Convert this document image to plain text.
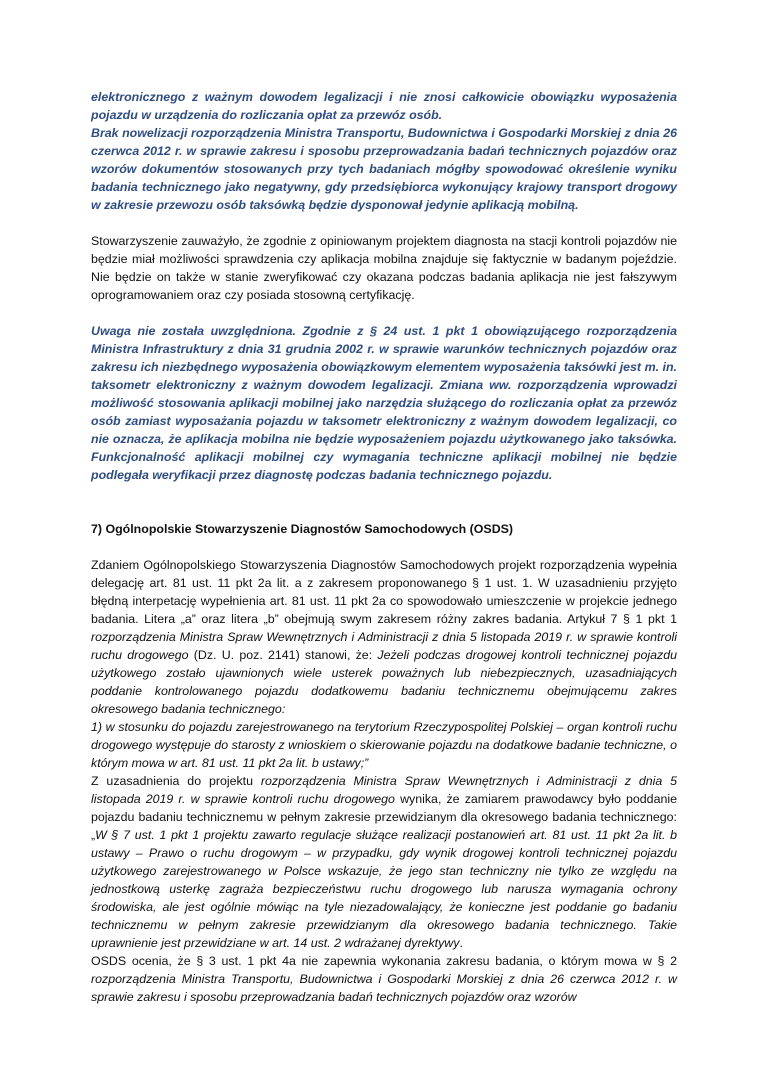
elektronicznego z ważnym dowodem legalizacji i nie znosi całkowicie obowiązku wyposażenia pojazdu w urządzenia do rozliczania opłat za przewóz osób.

Brak nowelizacji rozporządzenia Ministra Transportu, Budownictwa i Gospodarki Morskiej z dnia 26 czerwca 2012 r. w sprawie zakresu i sposobu przeprowadzania badań technicznych pojazdów oraz wzorów dokumentów stosowanych przy tych badaniach mógłby spowodować określenie wyniku badania technicznego jako negatywny, gdy przedsiębiorca wykonujący krajowy transport drogowy w zakresie przewozu osób taksówką będzie dysponował jedynie aplikacją mobilną.

Stowarzyszenie zauważyło, że zgodnie z opiniowanym projektem diagnosta na stacji kontroli pojazdów nie będzie miał możliwości sprawdzenia czy aplikacja mobilna znajduje się faktycznie w badanym pojeździe. Nie będzie on także w stanie zweryfikować czy okazana podczas badania aplikacja nie jest fałszywym oprogramowaniem oraz czy posiada stosowną certyfikację.

Uwaga nie została uwzględniona. Zgodnie z § 24 ust. 1 pkt 1 obowiązującego rozporządzenia Ministra Infrastruktury z dnia 31 grudnia 2002 r. w sprawie warunków technicznych pojazdów oraz zakresu ich niezbędnego wyposażenia obowiązkowym elementem wyposażenia taksówki jest m. in. taksometr elektroniczny z ważnym dowodem legalizacji. Zmiana ww. rozporządzenia wprowadzi możliwość stosowania aplikacji mobilnej jako narzędzia służącego do rozliczania opłat za przewóz osób zamiast wyposażania pojazdu w taksometr elektroniczny z ważnym dowodem legalizacji, co nie oznacza, że aplikacja mobilna nie będzie wyposażeniem pojazdu użytkowanego jako taksówka. Funkcjonalność aplikacji mobilnej czy wymagania techniczne aplikacji mobilnej nie będzie podlegała weryfikacji przez diagnostę podczas badania technicznego pojazdu.

7) Ogólnopolskie Stowarzyszenie Diagnostów Samochodowych (OSDS)

Zdaniem Ogólnopolskiego Stowarzyszenia Diagnostów Samochodowych projekt rozporządzenia wypełnia delegację art. 81 ust. 11 pkt 2a lit. a z zakresem proponowanego § 1 ust. 1. W uzasadnieniu przyjęto błędną interpetację wypełnienia art. 81 ust. 11 pkt 2a co spowodowało umieszczenie w projekcie jednego badania. Litera „a” oraz litera „b” obejmują swym zakresem różny zakres badania. Artykuł 7 § 1 pkt 1 rozporządzenia Ministra Spraw Wewnętrznych i Administracji z dnia 5 listopada 2019 r. w sprawie kontroli ruchu drogowego (Dz. U. poz. 2141) stanowi, że: Jeżeli podczas drogowej kontroli technicznej pojazdu użytkowego zostało ujawnionych wiele usterek poważnych lub niebezpiecznych, uzasadniających poddanie kontrolowanego pojazdu dodatkowemu badaniu technicznemu obejmującemu zakres okresowego badania technicznego:

1) w stosunku do pojazdu zarejestrowanego na terytorium Rzeczypospolitej Polskiej – organ kontroli ruchu drogowego występuje do starosty z wnioskiem o skierowanie pojazdu na dodatkowe badanie techniczne, o którym mowa w art. 81 ust. 11 pkt 2a lit. b ustawy;”

Z uzasadnienia do projektu rozporządzenia Ministra Spraw Wewnętrznych i Administracji z dnia 5 listopada 2019 r. w sprawie kontroli ruchu drogowego wynika, że zamiarem prawodawcy było poddanie pojazdu badaniu technicznemu w pełnym zakresie przewidzianym dla okresowego badania technicznego: „W § 7 ust. 1 pkt 1 projektu zawarto regulacje służące realizacji postanowień art. 81 ust. 11 pkt 2a lit. b ustawy – Prawo o ruchu drogowym – w przypadku, gdy wynik drogowej kontroli technicznej pojazdu użytkowego zarejestrowanego w Polsce wskazuje, że jego stan techniczny nie tylko ze względu na jednostkową usterkę zagraża bezpieczeństwu ruchu drogowego lub narusza wymagania ochrony środowiska, ale jest ogólnie mówiąc na tyle niezadowalający, że konieczne jest poddanie go badaniu technicznemu w pełnym zakresie przewidzianym dla okresowego badania technicznego. Takie uprawnienie jest przewidziane w art. 14 ust. 2 wdrażanej dyrektywy.

OSDS ocenia, że § 3 ust. 1 pkt 4a nie zapewnia wykonania zakresu badania, o którym mowa w § 2 rozporządzenia Ministra Transportu, Budownictwa i Gospodarki Morskiej z dnia 26 czerwca 2012 r. w sprawie zakresu i sposobu przeprowadzania badań technicznych pojazdów oraz wzorów
